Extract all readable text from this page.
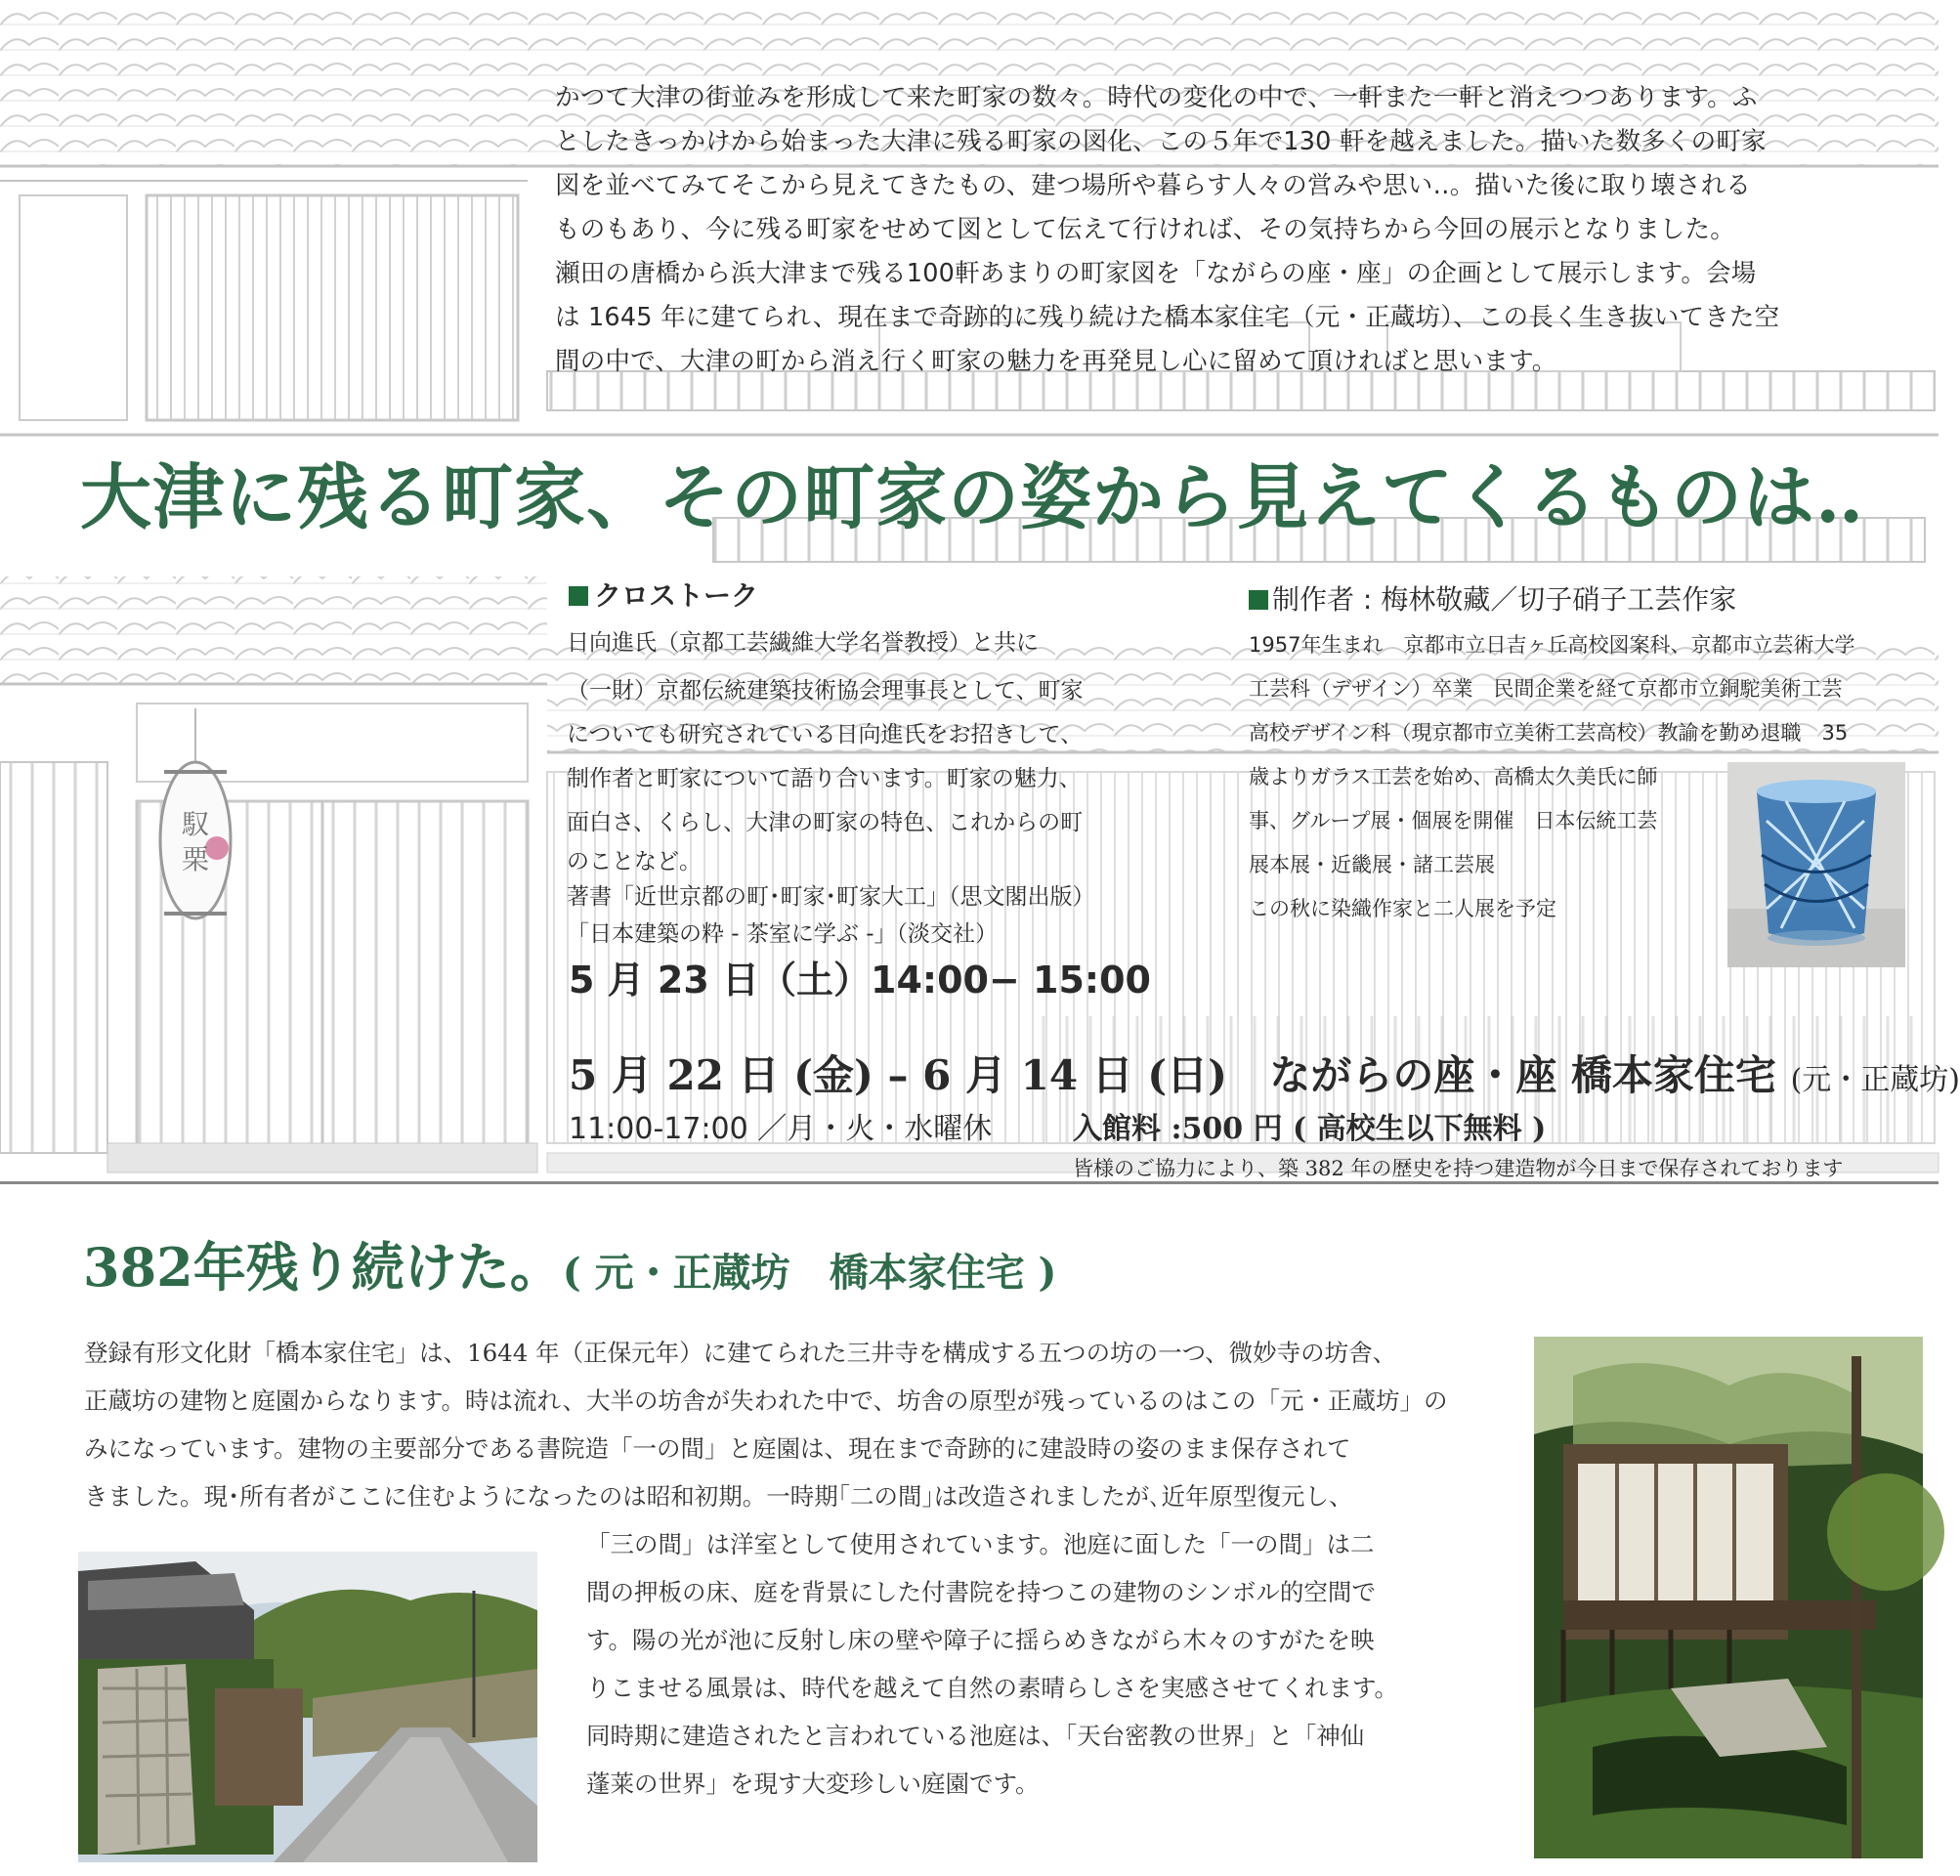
馭栗

かつて大津の街並みを形成して来た町家の数々。時代の変化の中で、一軒また一軒と消えつつあります。ふ

としたきっかけから始まった大津に残る町家の図化、この５年で130 軒を越えました。描いた数多くの町家

図を並べてみてそこから見えてきたもの、建つ場所や暮らす人々の営みや思い‥。描いた後に取り壊される

ものもあり、今に残る町家をせめて図として伝えて行ければ、その気持ちから今回の展示となりました。

瀬田の唐橋から浜大津まで残る100軒あまりの町家図を「ながらの座・座」の企画として展示します。会場

は 1645 年に建てられ、現在まで奇跡的に残り続けた橋本家住宅（元・正蔵坊）、この長く生き抜いてきた空

間の中で、大津の町から消え行く町家の魅力を再発見し心に留めて頂ければと思います。

大津に残る町家、その町家の姿から見えてくるものは‥
クロストーク
日向進氏（京都工芸繊維大学名誉教授）と共に
（一財）京都伝統建築技術協会理事長として、町家
についても研究されている日向進氏をお招きして、
制作者と町家について語り合います。町家の魅力、
面白さ、くらし、大津の町家の特色、これからの町
のことなど。
著書「近世京都の町･町家･町家大工」（思文閣出版）
「日本建築の粋 - 茶室に学ぶ -」（淡交社）
5 月 23 日（土）14:00− 15:00
制作者 : 梅林敬藏／切子硝子工芸作家
1957年生まれ　京都市立日吉ヶ丘高校図案科、京都市立芸術大学
工芸科（デザイン）卒業　民間企業を経て京都市立銅駝美術工芸
高校デザイン科（現京都市立美術工芸高校）教諭を勤め退職　35
歳よりガラス工芸を始め、高橋太久美氏に師
事、グループ展・個展を開催　日本伝統工芸
展本展・近畿展・諸工芸展
この秋に染織作家と二人展を予定
5 月 22 日 (金) – 6 月 14 日 (日) ながらの座・座 橋本家住宅 (元・正蔵坊)
11:00-17:00 ／月・火・水曜休	入館料 :500 円 ( 高校生以下無料 )
皆様のご協力により、築 382 年の歴史を持つ建造物が今日まで保存されております
382年残り続けた。( 元・正蔵坊　橋本家住宅 )
登録有形文化財「橋本家住宅」は、1644 年（正保元年）に建てられた三井寺を構成する五つの坊の一つ、微妙寺の坊舎、
正蔵坊の建物と庭園からなります。時は流れ、大半の坊舎が失われた中で、坊舎の原型が残っているのはこの「元・正蔵坊」の
みになっています。建物の主要部分である書院造「一の間」と庭園は、現在まで奇跡的に建設時の姿のまま保存されて
きました。現･所有者がここに住むようになったのは昭和初期。一時期｢二の間｣は改造されましたが､近年原型復元し、
「三の間」は洋室として使用されています。池庭に面した「一の間」は二
間の押板の床、庭を背景にした付書院を持つこの建物のシンボル的空間で
す。陽の光が池に反射し床の壁や障子に揺らめきながら木々のすがたを映
りこませる風景は、時代を越えて自然の素晴らしさを実感させてくれます。
同時期に建造されたと言われている池庭は、「天台密教の世界」と「神仙
蓬莱の世界」を現す大変珍しい庭園です。
